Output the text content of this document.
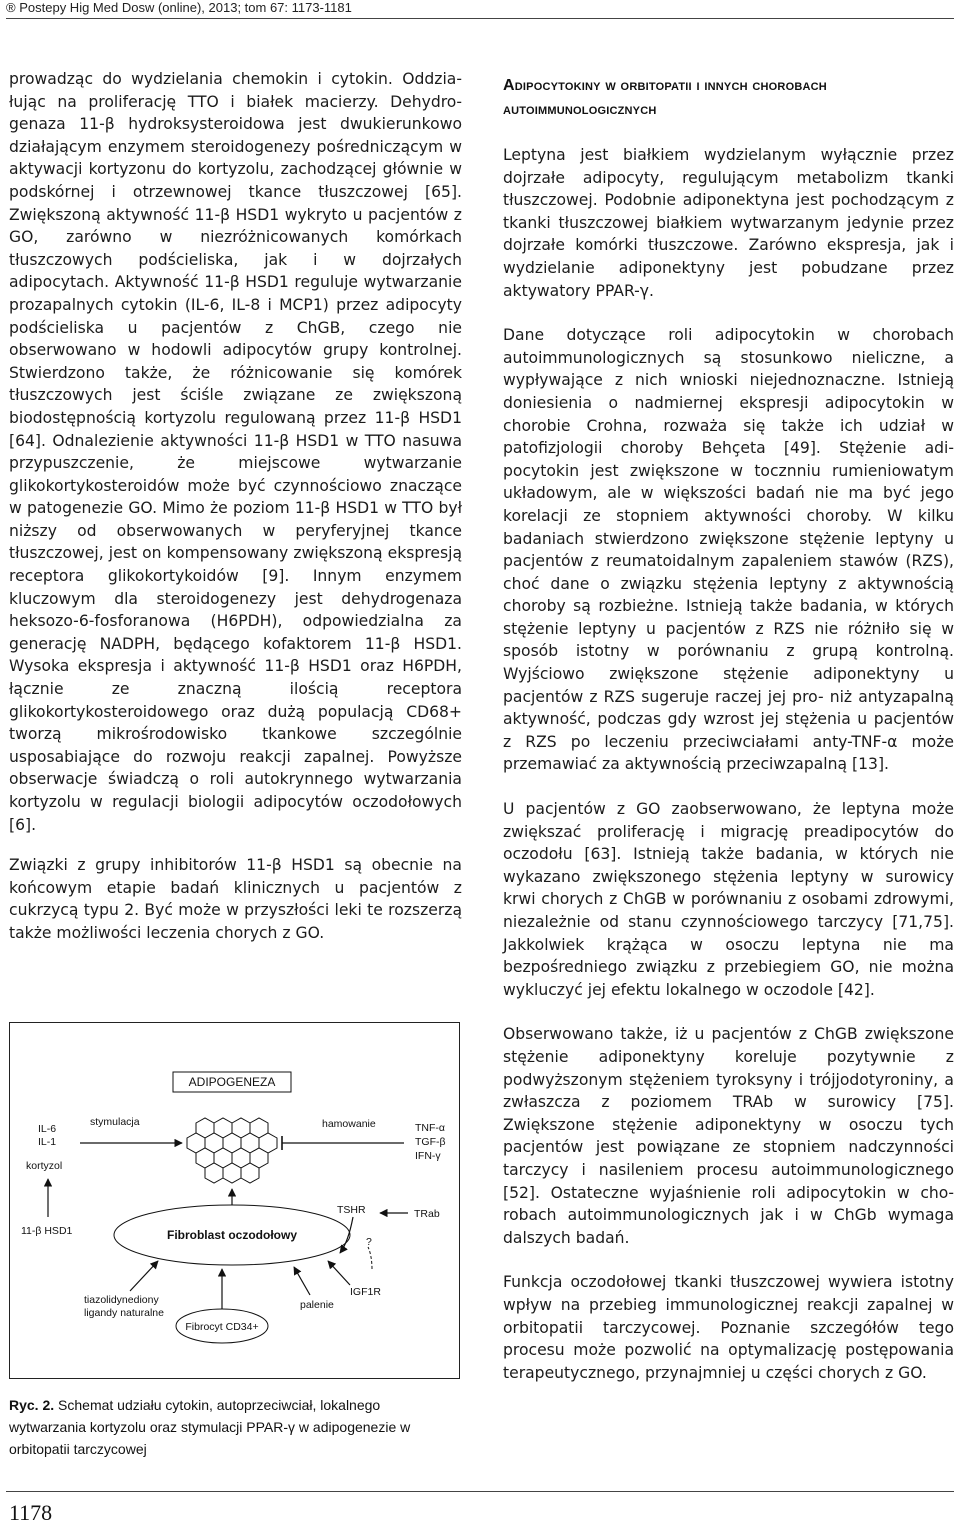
® Postepy Hig Med Dosw (online), 2013; tom 67: 1173-1181

prowadząc do wydzielania chemokin i cytokin. Oddziałując na proliferację TTO i białek macierzy. Dehydrogenaza 11-β hydroksysteroidowa jest dwukierunkowo działającym enzymem steroidogenezy pośredniczącym w aktywacji kortyzonu do kortyzolu, zachodzącej głównie w podskórnej i otrzewnowej tkance tłuszczowej [65]. Zwiększoną aktywność 11-β HSD1 wykryto u pacjentów z GO, zarówno w niezróżnicowanych komórkach tłuszczowych podścieliska, jak i w dojrzałych adipocytach. Aktywność 11-β HSD1 reguluje wytwarzanie prozapalnych cytokin (IL-6, IL-8 i MCP1) przez adipocyty podścieliska u pacjentów z ChGB, czego nie obserwowano w hodowli adipocytów grupy kontrolnej. Stwierdzono także, że różnicowanie się komórek tłuszczowych jest ściśle związane ze zwiększoną biodostępnością kortyzolu regulowaną przez 11-β HSD1 [64]. Odnalezienie aktywności 11-β HSD1 w TTO nasuwa przypuszczenie, że miejscowe wytwarzanie glikokortykosteroidów może być czynnościowo znaczące w patogenezie GO. Mimo że poziom 11-β HSD1 w TTO był niższy od obserwowanych w peryferyjnej tkance tłuszczowej, jest on kompensowany zwiększoną ekspresją receptora glikokortykoidów [9]. Innym enzymem kluczowym dla steroidogenezy jest dehydrogenaza heksozo-6-fosforanowa (H6PDH), odpowiedzialna za generację NADPH, będącego kofaktorem 11-β HSD1. Wysoka ekspresja i aktywność 11-β HSD1 oraz H6PDH, łącznie ze znaczną ilością receptora glikokortykosteroidowego oraz dużą populacją CD68+ tworzą mikrośrodowisko tkankowe szczególnie usposabiające do rozwoju reakcji zapalnej. Powyższe obserwacje świadczą o roli autokrynnego wytwarzania kortyzolu w regulacji biologii adipocytów oczodołowych [6].

Związki z grupy inhibitorów 11-β HSD1 są obecnie na końcowym etapie badań klinicznych u pacjentów z cukrzycą typu 2. Być może w przyszłości leki te rozszerzą także możliwości leczenia chorych z GO.

ADIPOGENEZA
IL-6
IL-1
kortyzol
stymulacja
11-β HSD1
hamowanie	TNF-α
TGF-β
IFN-γ
Fibroblast oczodołowy
TSHR	TRab
?
IGF1R
palenie
tiazolidynediony
ligandy naturalne
Fibrocyt CD34+
Ryc. 2. Schemat udziału cytokin, autoprzeciwciał, lokalnego wytwarzania kortyzolu oraz stymulacji PPAR-γ w adipogenezie w orbitopatii tarczycowej
Adipocytokiny w orbitopatii i innych chorobach autoimmunologicznych

Leptyna jest białkiem wydzielanym wyłącznie przez dojrzałe adipocyty, regulującym metabolizm tkanki tłuszczowej. Podobnie adiponektyna jest pochodzącym z tkanki tłuszczowej białkiem wytwarzanym jedynie przez dojrzałe komórki tłuszczowe. Zarówno ekspresja, jak i wydzielanie adiponektyny jest pobudzane przez aktywatory PPAR-γ.

Dane dotyczące roli adipocytokin w chorobach autoimmunologicznych są stosunkowo nieliczne, a wypływające z nich wnioski niejednoznaczne. Istnieją doniesienia o nadmiernej ekspresji adipocytokin w chorobie Crohna, rozważa się także ich udział w patofizjologii choroby Behçeta [49]. Stężenie adipocytokin jest zwiększone w tocznniu rumieniowatym układowym, ale w większości badań nie ma być jego korelacji ze stopniem aktywności choroby. W kilku badaniach stwierdzono zwiększone stężenie leptyny u pacjentów z reumatoidalnym zapaleniem stawów (RZS), choć dane o związku stężenia leptyny z aktywnością choroby są rozbieżne. Istnieją także badania, w których stężenie leptyny u pacjentów z RZS nie różniło się w sposób istotny w porównaniu z grupą kontrolną. Wyjściowo zwiększone stężenie adiponektyny u pacjentów z RZS sugeruje raczej jej pro- niż antyzapalną aktywność, podczas gdy wzrost jej stężenia u pacjentów z RZS po leczeniu przeciwciałami anty-TNF-α może przemawiać za aktywnością przeciwzapalną [13].

U pacjentów z GO zaobserwowano, że leptyna może zwiększać proliferację i migrację preadipocytów do oczodołu [63]. Istnieją także badania, w których nie wykazano zwiększonego stężenia leptyny w surowicy krwi chorych z ChGB w porównaniu z osobami zdrowymi, niezależnie od stanu czynnościowego tarczycy [71,75]. Jakkolwiek krążąca w osoczu leptyna nie ma bezpośredniego związku z przebiegiem GO, nie można wykluczyć jej efektu lokalnego w oczodole [42].

Obserwowano także, iż u pacjentów z ChGB zwiększone stężenie adiponektyny koreluje pozytywnie z podwyższonym stężeniem tyroksyny i trójjodotyroniny, a zwłaszcza z poziomem TRAb w surowicy [75]. Zwiększone stężenie adiponektyny w osoczu tych pacjentów jest powiązane ze stopniem nadczynności tarczycy i nasileniem procesu autoimmunologicznego [52]. Ostateczne wyjaśnienie roli adipocytokin w chorobach autoimmunologicznych jak i w ChGb wymaga dalszych badań.

Funkcja oczodołowej tkanki tłuszczowej wywiera istotny wpływ na przebieg immunologicznej reakcji zapalnej w orbitopatii tarczycowej. Poznanie szczegółów tego procesu może pozwolić na optymalizację postępowania terapeutycznego, przynajmniej u części chorych z GO.

1178
